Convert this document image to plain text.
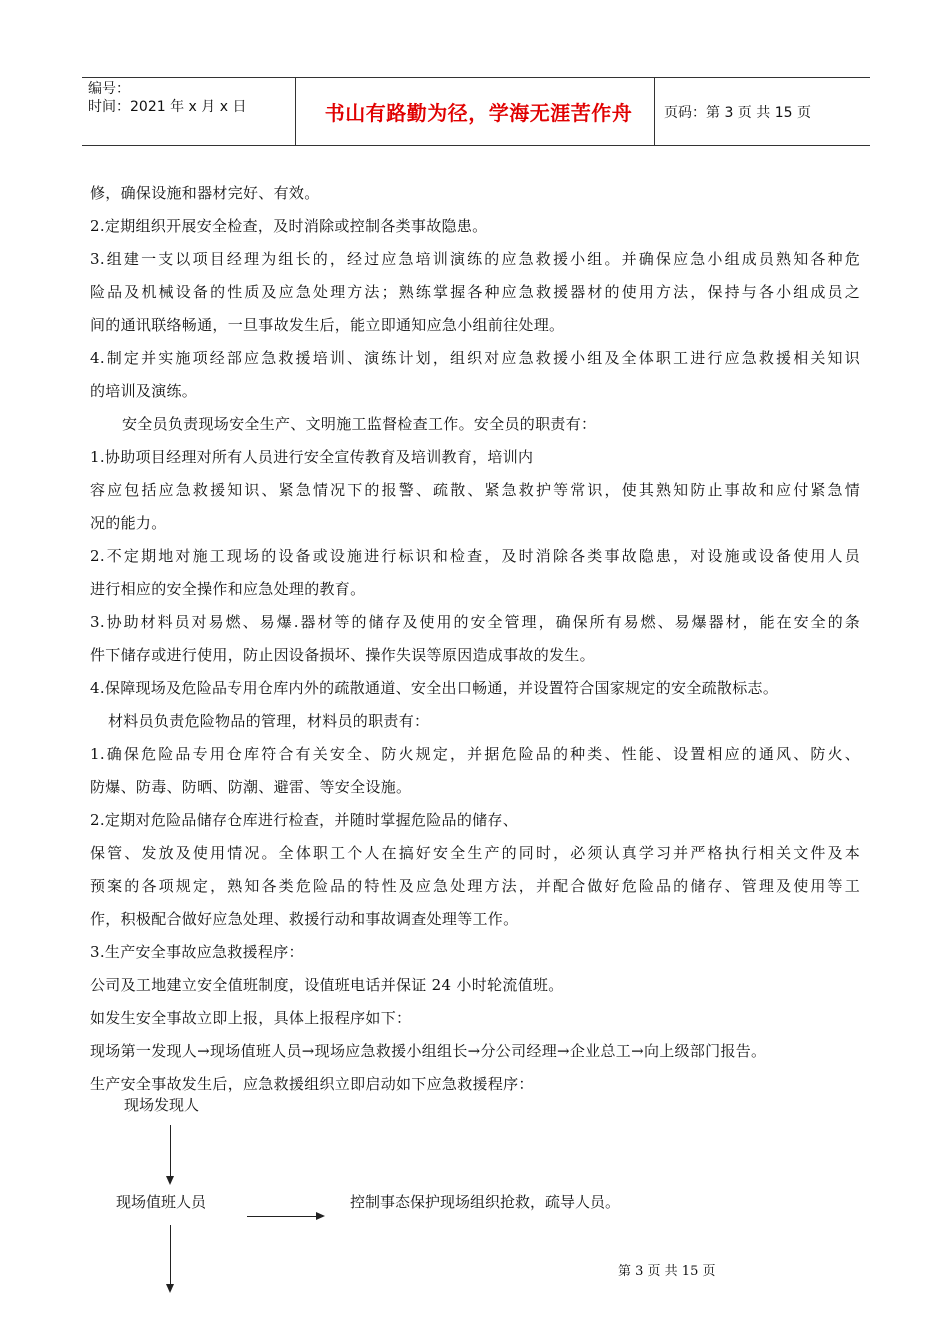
编号：
时间：2021 年 x 月 x 日	书山有路勤为径，学海无涯苦作舟	页码：第 3 页 共 15 页
修，确保设施和器材完好、有效。
2.定期组织开展安全检查，及时消除或控制各类事故隐患。
3.组建一支以项目经理为组长的，经过应急培训演练的应急救援小组。并确保应急小组成员熟知各种危
险品及机械设备的性质及应急处理方法；熟练掌握各种应急救援器材的使用方法，保持与各小组成员之
间的通讯联络畅通，一旦事故发生后，能立即通知应急小组前往处理。
4.制定并实施项经部应急救援培训、演练计划，组织对应急救援小组及全体职工进行应急救援相关知识
的培训及演练。
安全员负责现场安全生产、文明施工监督检查工作。安全员的职责有：
1.协助项目经理对所有人员进行安全宣传教育及培训教育，培训内
容应包括应急救援知识、紧急情况下的报警、疏散、紧急救护等常识，使其熟知防止事故和应付紧急情
况的能力。
2.不定期地对施工现场的设备或设施进行标识和检查，及时消除各类事故隐患，对设施或设备使用人员
进行相应的安全操作和应急处理的教育。
3.协助材料员对易燃、易爆.器材等的储存及使用的安全管理，确保所有易燃、易爆器材，能在安全的条
件下储存或进行使用，防止因设备损坏、操作失误等原因造成事故的发生。
4.保障现场及危险品专用仓库内外的疏散通道、安全出口畅通，并设置符合国家规定的安全疏散标志。
材料员负责危险物品的管理，材料员的职责有：
1.确保危险品专用仓库符合有关安全、防火规定，并据危险品的种类、性能、设置相应的通风、防火、
防爆、防毒、防晒、防潮、避雷、等安全设施。
2.定期对危险品储存仓库进行检查，并随时掌握危险品的储存、
保管、发放及使用情况。全体职工个人在搞好安全生产的同时，必须认真学习并严格执行相关文件及本
预案的各项规定，熟知各类危险品的特性及应急处理方法，并配合做好危险品的储存、管理及使用等工
作，积极配合做好应急处理、救援行动和事故调查处理等工作。
3.生产安全事故应急救援程序：
公司及工地建立安全值班制度，设值班电话并保证 24 小时轮流值班。
如发生安全事故立即上报，具体上报程序如下：
现场第一发现人→现场值班人员→现场应急救援小组组长→分公司经理→企业总工→向上级部门报告。
生产安全事故发生后，应急救援组织立即启动如下应急救援程序：
现场发现人
现场值班人员	控制事态保护现场组织抢救，疏导人员。
第 3 页 共 15 页
